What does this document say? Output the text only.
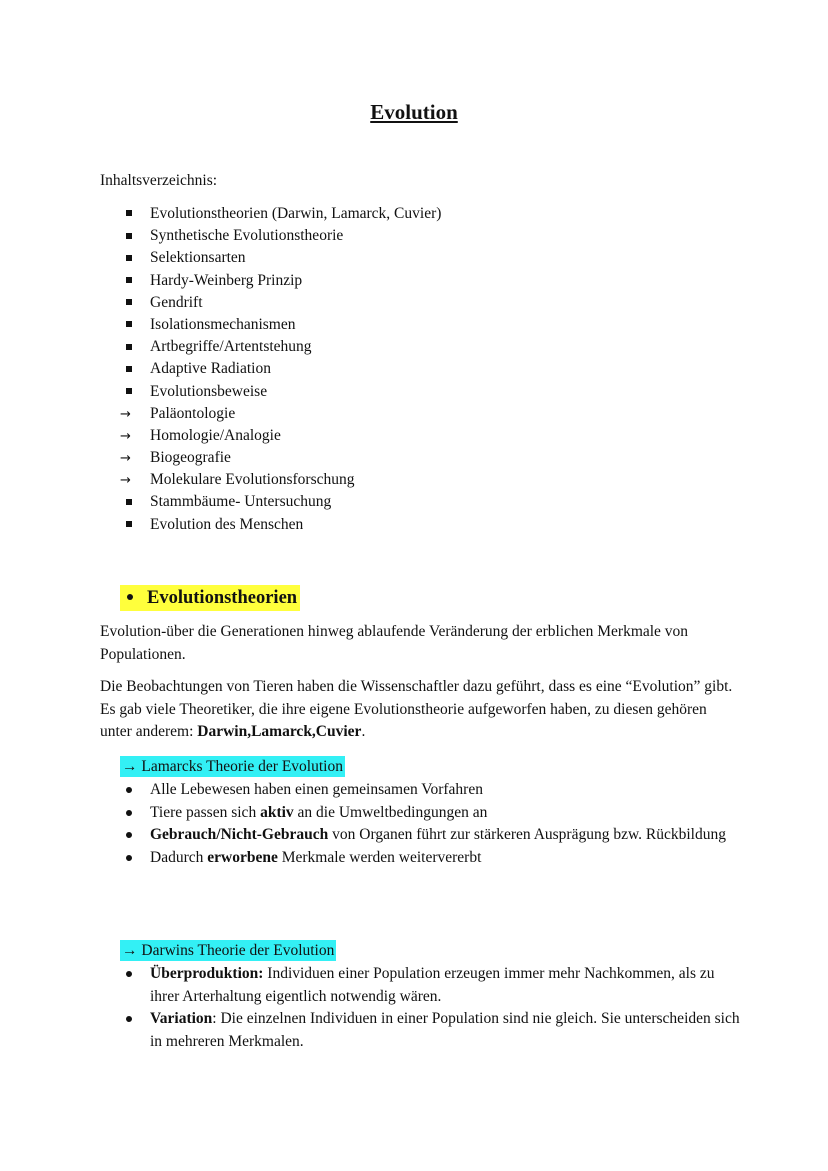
Evolution
Inhaltsverzeichnis:
Evolutionstheorien (Darwin, Lamarck, Cuvier)
Synthetische Evolutionstheorie
Selektionsarten
Hardy-Weinberg Prinzip
Gendrift
Isolationsmechanismen
Artbegriffe/Artentstehung
Adaptive Radiation
Evolutionsbeweise
→ Paläontologie
→ Homologie/Analogie
→ Biogeografie
→ Molekulare Evolutionsforschung
Stammbäume- Untersuchung
Evolution des Menschen
Evolutionstheorien

Evolution-über die Generationen hinweg ablaufende Veränderung der erblichen Merkmale von Populationen.

Die Beobachtungen von Tieren haben die Wissenschaftler dazu geführt, dass es eine “Evolution” gibt. Es gab viele Theoretiker, die ihre eigene Evolutionstheorie aufgeworfen haben, zu diesen gehören unter anderem: Darwin,Lamarck,Cuvier.

→ Lamarcks Theorie der Evolution
Alle Lebewesen haben einen gemeinsamen Vorfahren
Tiere passen sich aktiv an die Umweltbedingungen an
Gebrauch/Nicht-Gebrauch von Organen führt zur stärkeren Ausprägung bzw. Rückbildung
Dadurch erworbene Merkmale werden weitervererbt
→ Darwins Theorie der Evolution
Überproduktion: Individuen einer Population erzeugen immer mehr Nachkommen, als zu ihrer Arterhaltung eigentlich notwendig wären.
Variation: Die einzelnen Individuen in einer Population sind nie gleich. Sie unterscheiden sich in mehreren Merkmalen.
